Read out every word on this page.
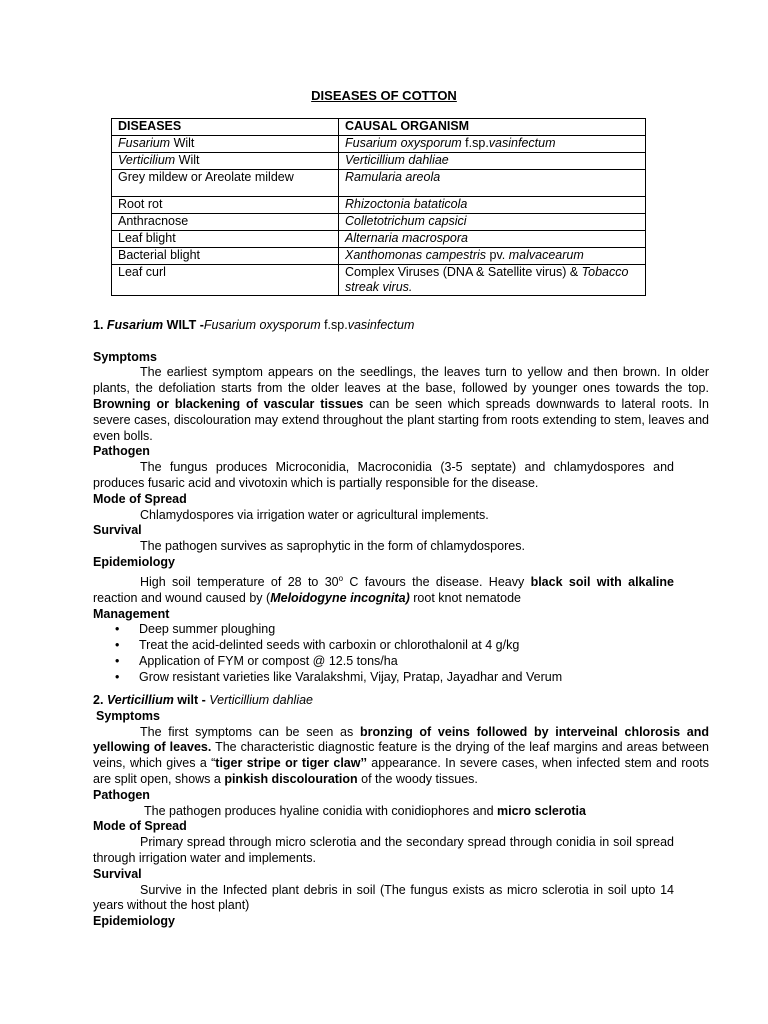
DISEASES OF COTTON
DISEASES	CAUSAL ORGANISM
Fusarium Wilt	Fusarium oxysporum f.sp.vasinfectum
Verticilium Wilt	Verticillium dahliae
Grey mildew or Areolate mildew	Ramularia areola
Root rot	Rhizoctonia bataticola
Anthracnose	Colletotrichum capsici
Leaf blight	Alternaria macrospora
Bacterial blight	Xanthomonas campestris pv. malvacearum
Leaf curl	Complex Viruses (DNA & Satellite virus) & Tobacco streak virus.
1. Fusarium WILT -Fusarium oxysporum f.sp.vasinfectum
Symptoms
The earliest symptom appears on the seedlings, the leaves turn to yellow and then brown. In older plants, the defoliation starts from the older leaves at the base, followed by younger ones towards the top. Browning or blackening of vascular tissues can be seen which spreads downwards to lateral roots. In severe cases, discolouration may extend throughout the plant starting from roots extending to stem, leaves and even bolls.
Pathogen
The fungus produces Microconidia, Macroconidia (3-5 septate) and chlamydospores and produces fusaric acid and vivotoxin which is partially responsible for the disease.
Mode of Spread
Chlamydospores via irrigation water or agricultural implements.
Survival
The pathogen survives as saprophytic in the form of chlamydospores.
Epidemiology
High soil temperature of 28 to 30$^o$ C favours the disease. Heavy black soil with alkaline reaction and wound caused by (Meloidogyne incognita) root knot nematode
Management
• Deep summer ploughing
• Treat the acid-delinted seeds with carboxin or chlorothalonil at 4 g/kg
• Application of FYM or compost @ 12.5 tons/ha
• Grow resistant varieties like Varalakshmi, Vijay, Pratap, Jayadhar and Verum
2. Verticillium wilt - Verticillium dahliae
Symptoms
The first symptoms can be seen as bronzing of veins followed by interveinal chlorosis and yellowing of leaves. The characteristic diagnostic feature is the drying of the leaf margins and areas between veins, which gives a “tiger stripe or tiger claw’’ appearance. In severe cases, when infected stem and roots are split open, shows a pinkish discolouration of the woody tissues.
Pathogen
The pathogen produces hyaline conidia with conidiophores and micro sclerotia
Mode of Spread
Primary spread through micro sclerotia and the secondary spread through conidia in soil spread through irrigation water and implements.
Survival
Survive in the Infected plant debris in soil (The fungus exists as micro sclerotia in soil upto 14 years without the host plant)
Epidemiology
